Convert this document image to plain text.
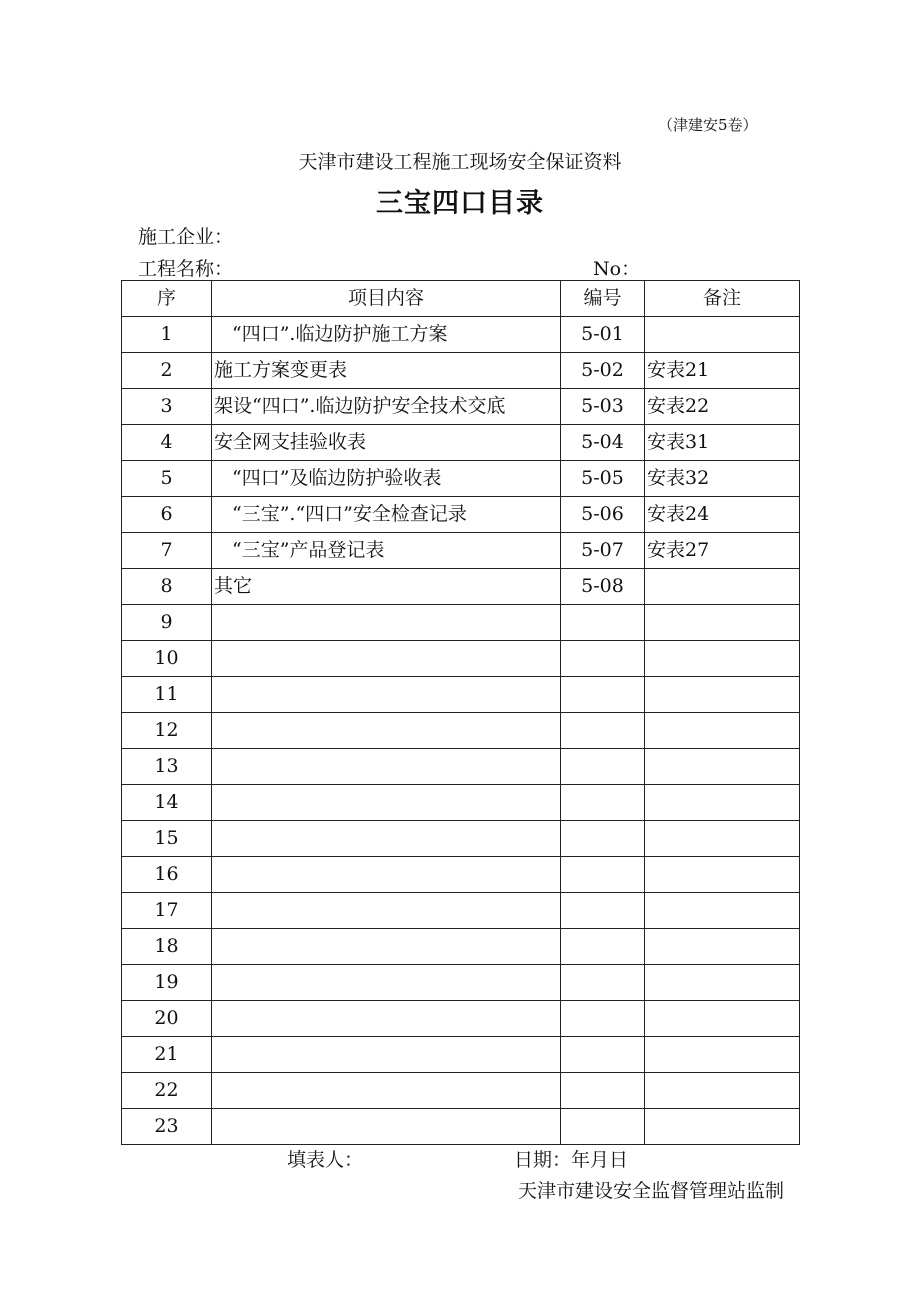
（津建安5卷）
天津市建设工程施工现场安全保证资料
三宝四口目录
施工企业：
工程名称：	No：
序	项目内容	编号	备注
1	“四口”.临边防护施工方案	5-01	
2	施工方案变更表	5-02	安表21
3	架设“四口”.临边防护安全技术交底	5-03	安表22
4	安全网支挂验收表	5-04	安表31
5	“四口”及临边防护验收表	5-05	安表32
6	“三宝”.“四口”安全检查记录	5-06	安表24
7	“三宝”产品登记表	5-07	安表27
8	其它	5-08	
9			
10			
11			
12			
13			
14			
15			
16			
17			
18			
19			
20			
21			
22			
23			
填表人：	日期：年月日
天津市建设安全监督管理站监制
